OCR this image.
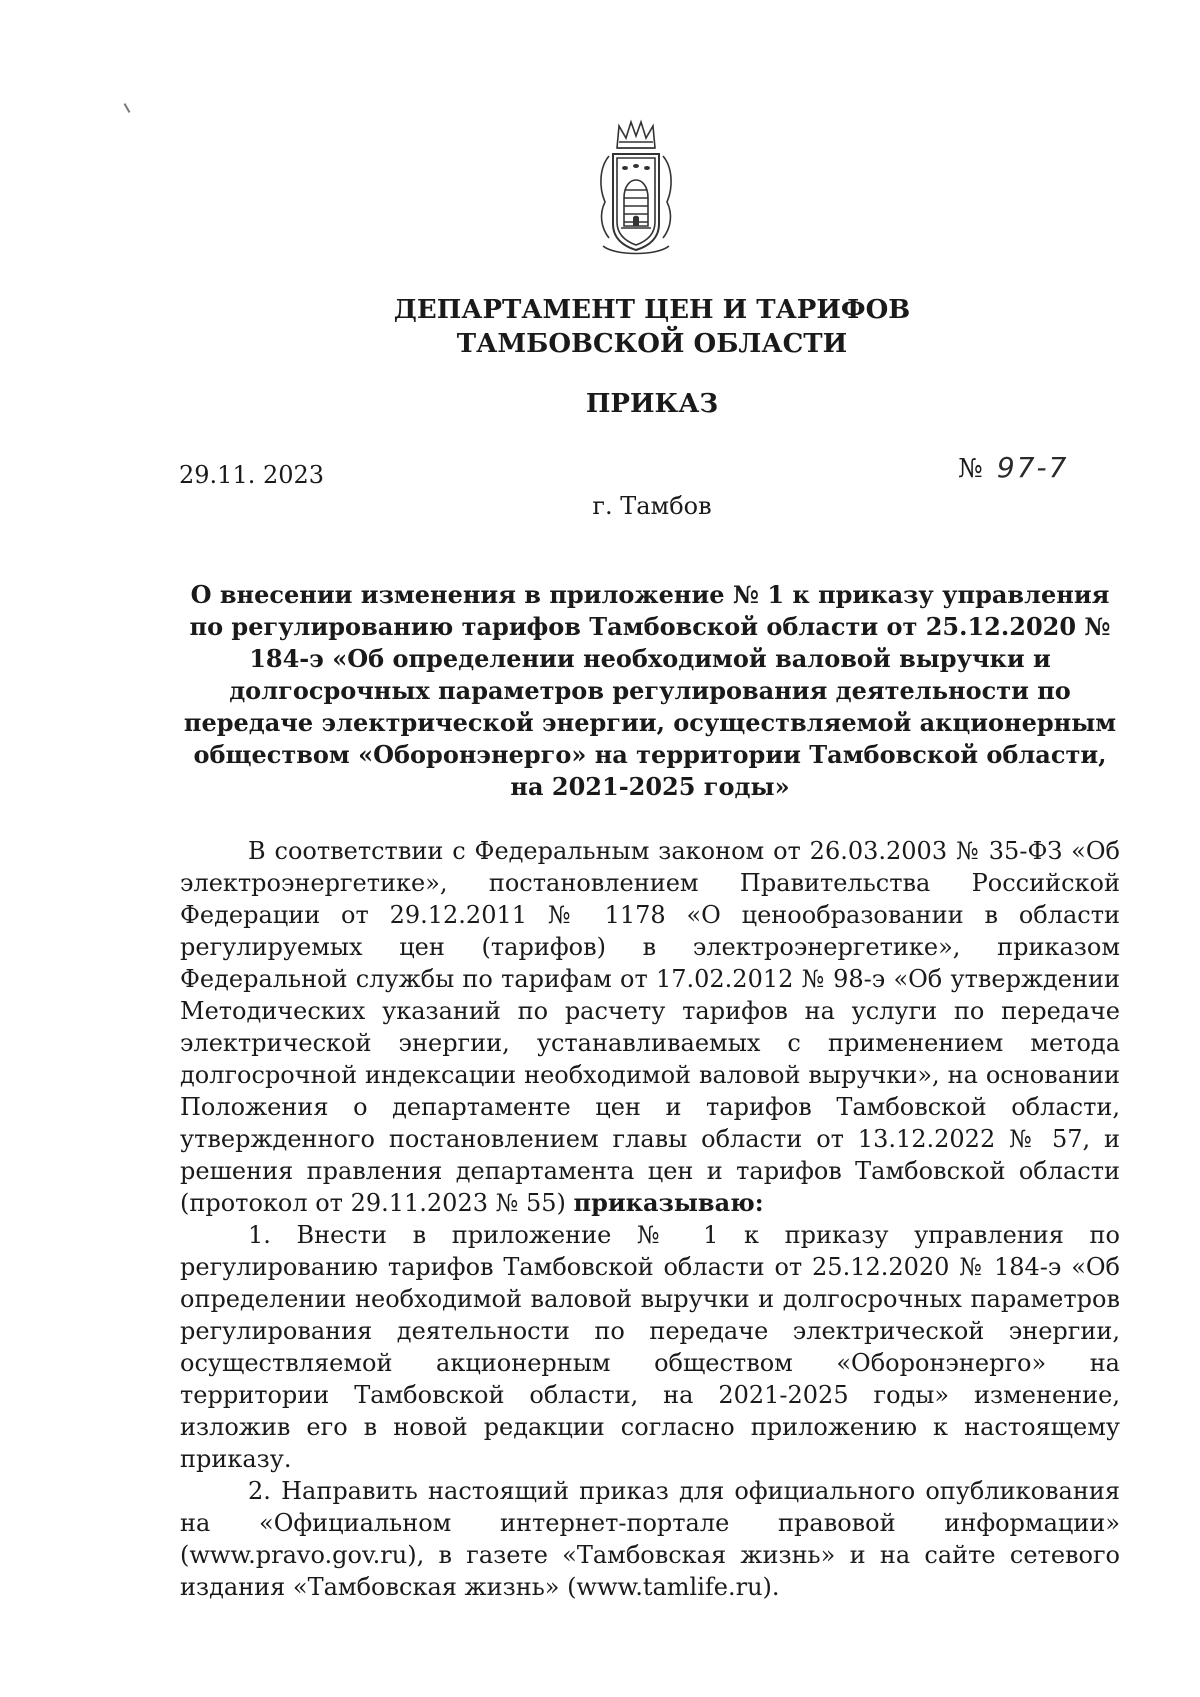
ДЕПАРТАМЕНТ ЦЕН И ТАРИФОВ
ТАМБОВСКОЙ ОБЛАСТИ
ПРИКАЗ
29.11. 2023	№ 97-7
г. Тамбов
О внесении изменения в приложение № 1 к приказу управления по регулированию тарифов Тамбовской области от 25.12.2020 № 184-э «Об определении необходимой валовой выручки и долгосрочных параметров регулирования деятельности по передаче электрической энергии, осуществляемой акционерным обществом «Оборонэнерго» на территории Тамбовской области, на 2021-2025 годы»

В соответствии с Федеральным законом от 26.03.2003 № 35-ФЗ «Об электроэнергетике», постановлением Правительства Российской Федерации от 29.12.2011 № 1178 «О ценообразовании в области регулируемых цен (тарифов) в электроэнергетике», приказом Федеральной службы по тарифам от 17.02.2012 № 98-э «Об утверждении Методических указаний по расчету тарифов на услуги по передаче электрической энергии, устанавливаемых с применением метода долгосрочной индексации необходимой валовой выручки», на основании Положения о департаменте цен и тарифов Тамбовской области, утвержденного постановлением главы области от 13.12.2022 № 57, и решения правления департамента цен и тарифов Тамбовской области (протокол от 29.11.2023 № 55) приказываю:

1. Внести в приложение № 1 к приказу управления по регулированию тарифов Тамбовской области от 25.12.2020 № 184-э «Об определении необходимой валовой выручки и долгосрочных параметров регулирования деятельности по передаче электрической энергии, осуществляемой акционерным обществом «Оборонэнерго» на территории Тамбовской области, на 2021-2025 годы» изменение, изложив его в новой редакции согласно приложению к настоящему приказу.

2. Направить настоящий приказ для официального опубликования на «Официальном интернет-портале правовой информации» (www.pravo.gov.ru), в газете «Тамбовская жизнь» и на сайте сетевого издания «Тамбовская жизнь» (www.tamlife.ru).
